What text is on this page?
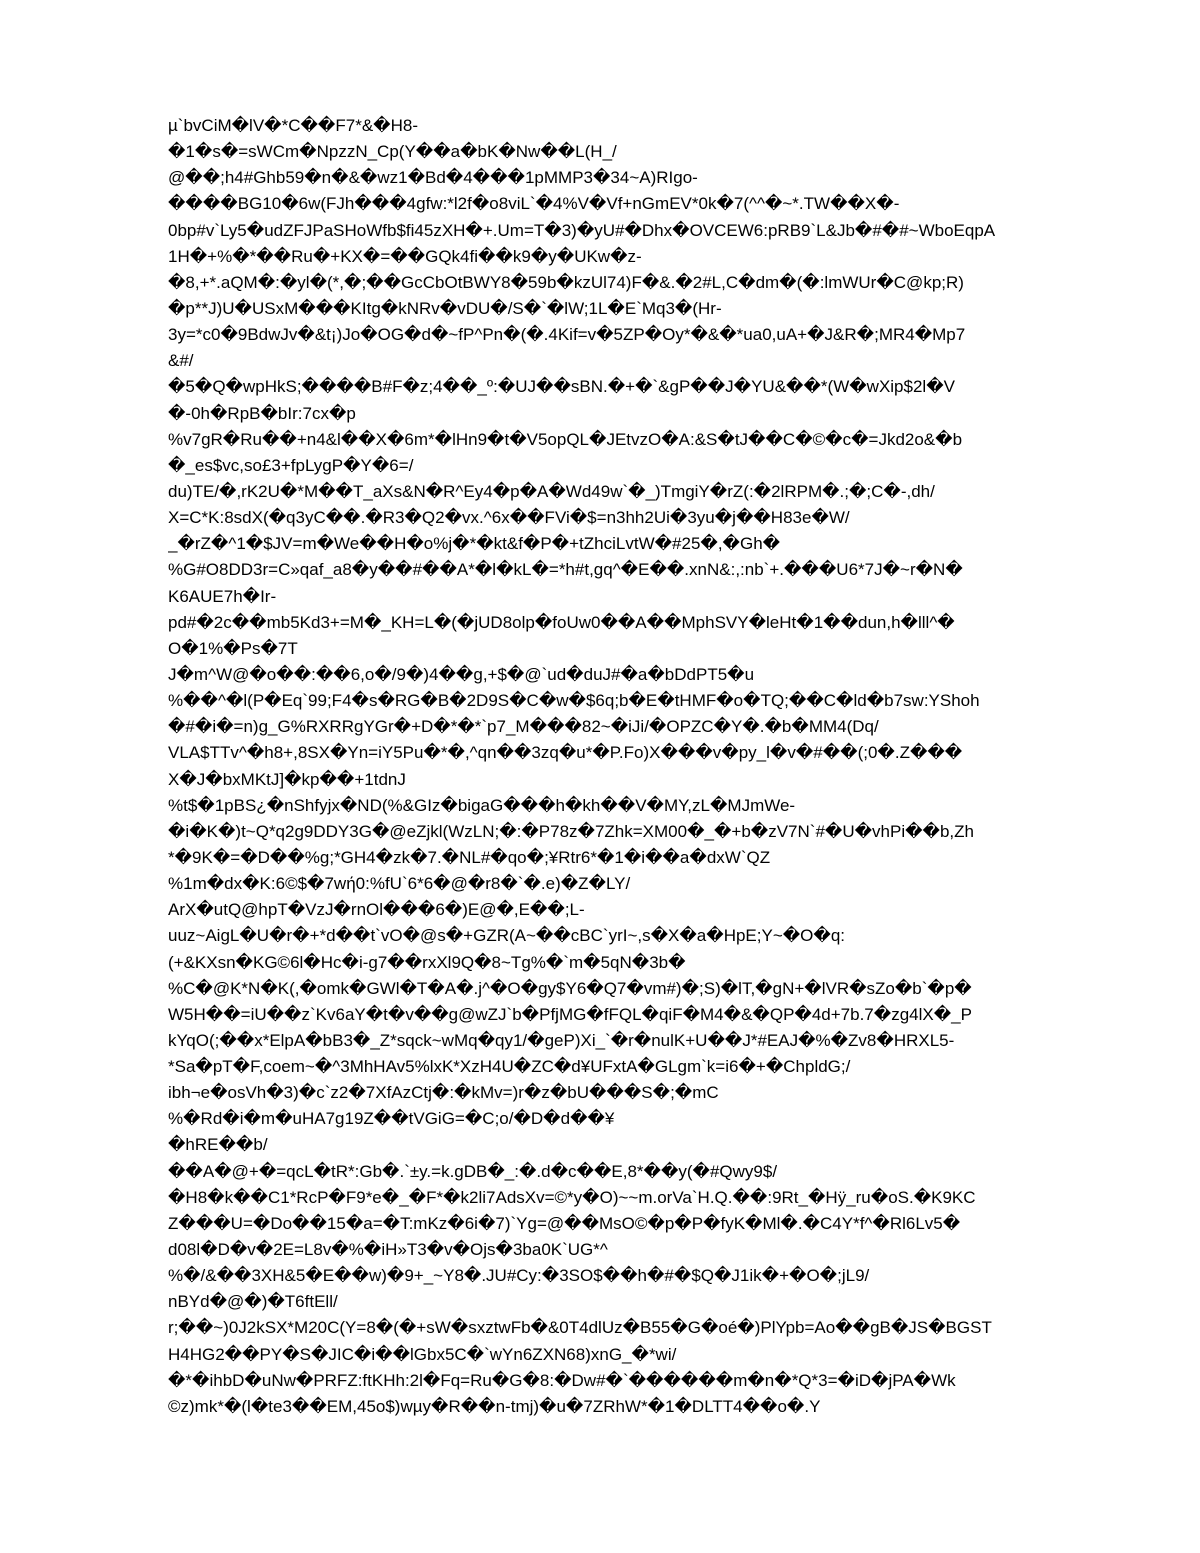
µ`bvCiM�lV�*C��F7*&�H8-
�1�s�=sWCm�NpzzN_Cp(Y��a�bK�Nw��L(H_/
@��;h4#Ghb59�n�&�wz1�Bd�4���1pMMP3�34~A)RIgo-
����BG10�6w(FJh���4gfw:*l2f�o8viL`�4%V�Vf+nGmEV*0k�7(^^�~*.TW��X�-
0bp#v`Ly5�udZFJPaSHoWfb$fi45zXH�+.Um=T�3)�yU#�Dhx�OVCEW6:pRB9`L&Jb�#�#~WboEqpA
1H�+%�*��Ru�+KX�=��GQk4fi��k9�y�UKw�z-
�8,+*.aQM�:�yl�(*,�;��GcCbOtBWY8�59b�kzUl74)F�&.�2#L,C�dm�(�:lmWUr�C@kp;R)
�p**J)U�USxM���KItg�kNRv�vDU�/S�`�lW;1L�E`Mq3�(Hr-
3y=*c0�9BdwJv�&t¡)Jo�OG�d�~fP^Pn�(�.4Kif=v�5ZP�Oy*�&�*ua0,uA+�J&R�;MR4�Mp7
&#/
�5�Q�wpHkS;����B#F�z;4��_º:�UJ��sBN.�+�`&gP��J�YU&��*(W�wXip$2l�V
�-0h�RpB�bIr:7cx�p
%v7gR�Ru��+n4&l��X�6m*�lHn9�t�V5opQL�JEtvzO�A:&S�tJ��C�©�c�=Jkd2o&�b
�_es$vc,so£3+fpLygP�Y�6=/
du)TE/�,rK2U�*M��T_aXs&N�R^Ey4�p�A�Wd49w`�_)TmgiY�rZ(:�2lRPM�.;�;C�-,dh/
X=C*K:8sdX(�q3yC��.�R3�Q2�vx.^6x��FVi�$=n3hh2Ui�3yu�j��H83e�W/
_�rZ�^1�$JV=m�We��H�o%j�*�kt&f�P�+tZhciLvtW�#25�,�Gh�
%G#O8DD3r=C»qaf_a8�y��#��A*�l�kL�=*h#t,gq^�E��.xnN&:,:nb`+.���U6*7J�~r�N�
K6AUE7h�Ir-
pd#�2c��mb5Kd3+=M�_KH=L�(�jUD8olp�foUw0��A��MphSVY�leHt�1��dun,h�lll^�
O�1%�Ps�7T
J�m^W@�o��:��6,o�/9�)4��g,+$�@`ud�duJ#�a�bDdPT5�u
%��^�l(P�Eq`99;F4�s�RG�B�2D9S�C�w�$6q;b�E�tHMF�o�TQ;��C�ld�b7sw:YShoh
�#�i�=n)g_G%RXRRgYGr�+D�*�*`p7_M���82~�iJi/�OPZC�Y�.�b�MM4(Dq/
VLA$TTv^�h8+,8SX�Yn=iY5Pu�*�,^qn��3zq�u*�P.Fo)X���v�py_l�v�#��(;0�.Z���
X�J�bxMKtJ]�kp��+1tdnJ
%t$�1pBS¿�nShfyjx�ND(%&GIz�bigaG���h�kh��V�MY,zL�MJmWe-
�i�K�)t~Q*q2g9DDY3G�@eZjkl(WzLN;�:�P78z�7Zhk=XM00�_�+b�zV7N`#�U�vhPi��b,Zh
*�9K�=�D��%g;*GH4�zk�7.�NL#�qo�;¥Rtr6*�1�i��a�dxW`QZ
%1m�dx�K:6©$�7wή0:%fU`6*6�@�r8�`�.e)�Z�LY/
ArX�utQ@hpT�VzJ�rnOl���6�)E@�,E��;L-
uuz~AigL�U�r�+*d��t`vO�@s�+GZR(A~��cBC`yrI~,s�X�a�HpE;Y~�O�q:
(+&KXsn�KG©6l�Hc�i-g7��rxXl9Q�8~Tg%�`m�5qN�3b�
%C�@K*N�K(,�omk�GWl�T�A�.j^�O�gy$Y6�Q7�vm#)�;S)�lT,�gN+�lVR�sZo�b`�p�
W5H��=iU��z`Kv6aY�t�v��g@wZJ`b�PfjMG�fFQL�qiF�M4�&�QP�4d+7b.7�zg4lX�_P
kYqO(;��x*ElpA�bB3�_Z*sqck~wMq�qy1/�geP)Xi_`�r�nulK+U��J*#EAJ�%�Zv8�HRXL5-
*Sa�pT�F,coem~�^3MhHAv5%lxK*XzH4U�ZC�d¥UFxtA�GLgm`k=i6�+�ChpldG;/
ibh¬e�osVh�3)�c`z2�7XfAzCtj�:�kMv=)r�z�bU���S�;�mC
%�Rd�i�m�uHA7g19Z��tVGiG=�C;o/�D�d��¥
�hRE��b/
��A�@+�=qcL�tR*:Gb�.`±y.=k.gDB�_:�.d�c��E,8*��y(�#Qwy9$/
�H8�k��C1*RcP�F9*e�_�F*�k2li7AdsXv=©*y�O)~~m.orVa`H.Q.��:9Rt_�Hÿ_ru�oS.�K9KC
Z���U=�Do��15�a=�T:mKz�6i�7)`Yg=@��MsO©�p�P�fyK�Ml�.�C4Y*f^�Rl6Lv5�
d08l�D�v�2E=L8v�%�iH»T3�v�Ojs�3ba0K`UG*^
%�/&��3XH&5�E��w)�9+_~Y8�.JU#Cy:�3SO$��h�#�$Q�J1ik�+�O�;jL9/
nBYd�@�)�T6ftEll/
r;��~)0J2kSX*M20C(Y=8�(�+sW�sxztwFb�&0T4dlUz�B55�G�oé�)PlYpb=Ao��gB�JS�BGST
H4HG2��PY�S�JIC�i��lGbx5C�`wYn6ZXN68)xnG_�*wi/
�*�ihbD�uNw�PRFZ:ftKHh:2l�Fq=Ru�G�8:�Dw#�`������m�n�*Q*3=�iD�jPA�Wk
©z)mk*�(l�te3��EM,45o$)wµy�R��n-tmj)�u�7ZRhW*�1�DLTT4��o�.Y
